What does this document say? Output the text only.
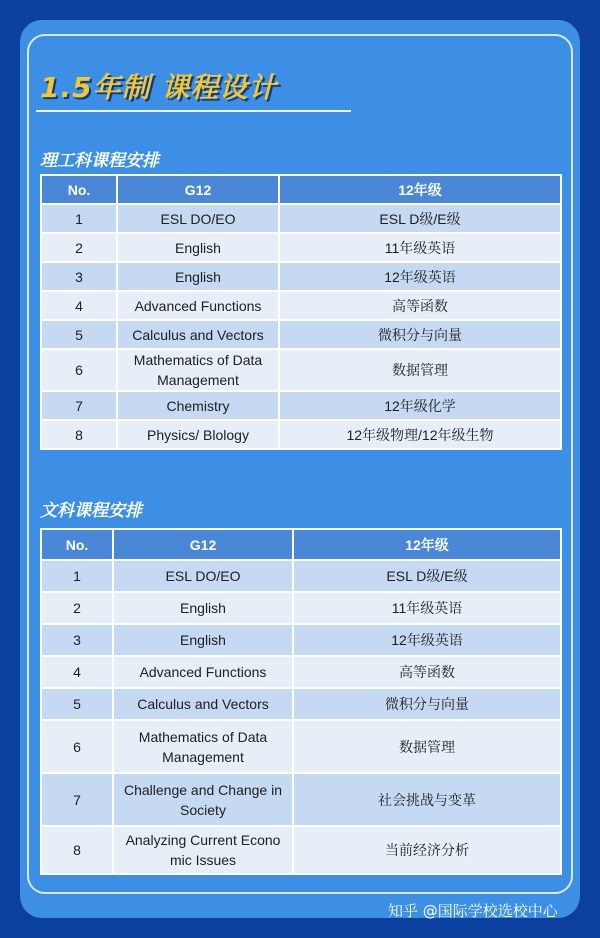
1.5年制 课程设计
理工科课程安排
No.	G12	12年级
1	ESL DO/EO	ESL D级/E级
2	English	11年级英语
3	English	12年级英语
4	Advanced Functions	高等函数
5	Calculus and Vectors	微积分与向量
6	Mathematics of Data Management	数据管理
7	Chemistry	12年级化学
8	Physics/ Blology	12年级物理/12年级生物
文科课程安排
No.	G12	12年级
1	ESL DO/EO	ESL D级/E级
2	English	11年级英语
3	English	12年级英语
4	Advanced Functions	高等函数
5	Calculus and Vectors	微积分与向量
6	Mathematics of Data Management	数据管理
7	Challenge and Change in Society	社会挑战与变革
8	Analyzing Current Econo mic Issues	当前经济分析
知乎 @国际学校选校中心
